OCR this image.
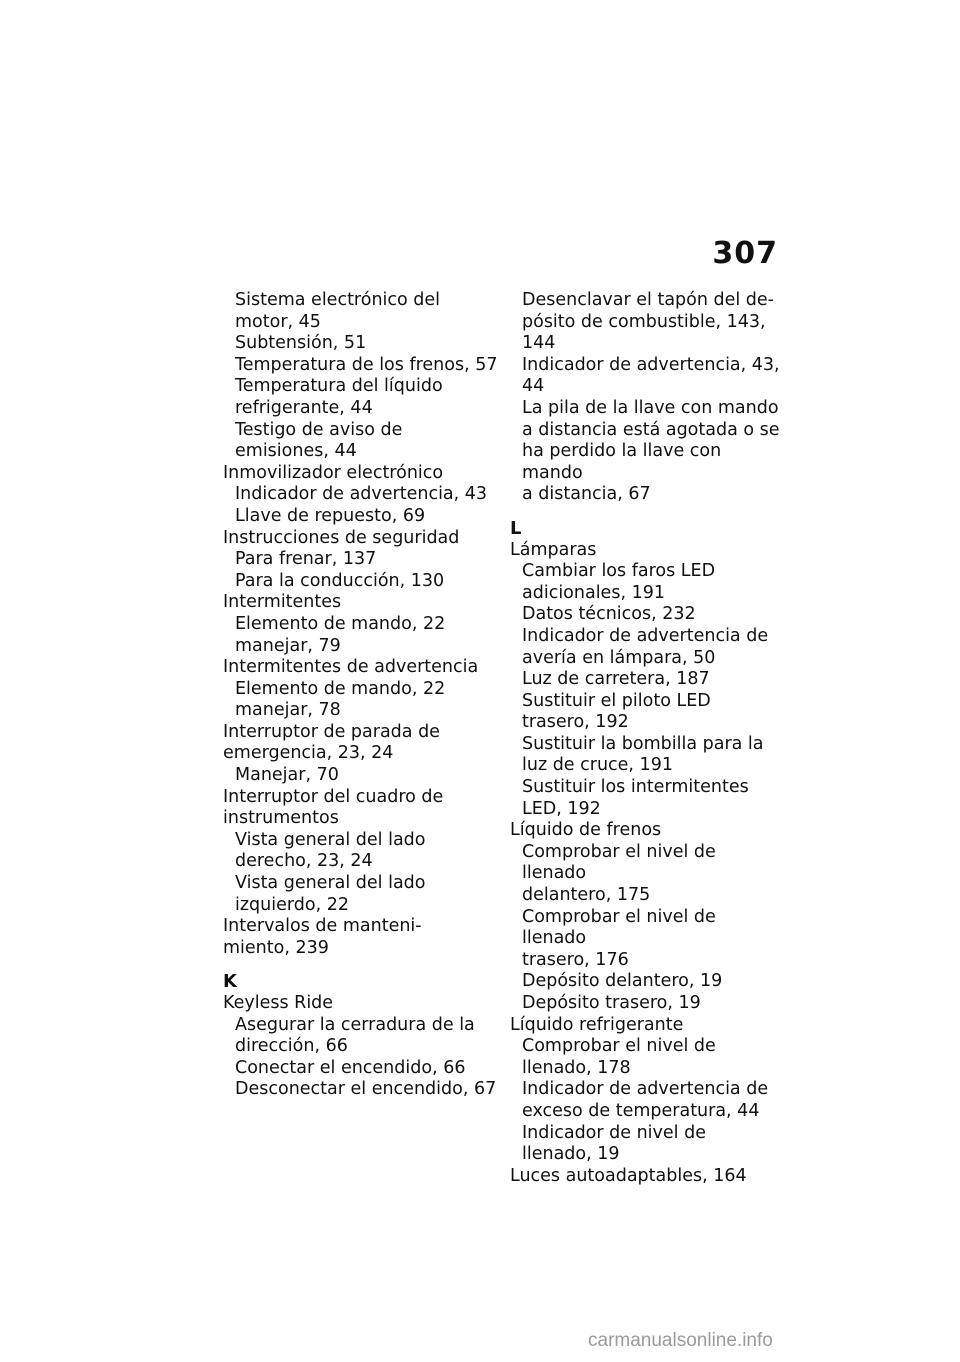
307
Sistema electrónico del
motor, 45
Subtensión, 51
Temperatura de los frenos, 57
Temperatura del líquido
refrigerante, 44
Testigo de aviso de
emisiones, 44
Inmovilizador electrónico
Indicador de advertencia, 43
Llave de repuesto, 69
Instrucciones de seguridad
Para frenar, 137
Para la conducción, 130
Intermitentes
Elemento de mando, 22
manejar, 79
Intermitentes de advertencia
Elemento de mando, 22
manejar, 78
Interruptor de parada de
emergencia, 23, 24
Manejar, 70
Interruptor del cuadro de
instrumentos
Vista general del lado
derecho, 23, 24
Vista general del lado
izquierdo, 22
Intervalos de manteni-
miento, 239
K
Keyless Ride
Asegurar la cerradura de la
dirección, 66
Conectar el encendido, 66
Desconectar el encendido, 67
Desenclavar el tapón del de-
pósito de combustible, 143,
144
Indicador de advertencia, 43,
44
La pila de la llave con mando
a distancia está agotada o se
ha perdido la llave con mando
a distancia, 67
L
Lámparas
Cambiar los faros LED
adicionales, 191
Datos técnicos, 232
Indicador de advertencia de
avería en lámpara, 50
Luz de carretera, 187
Sustituir el piloto LED
trasero, 192
Sustituir la bombilla para la
luz de cruce, 191
Sustituir los intermitentes
LED, 192
Líquido de frenos
Comprobar el nivel de llenado
delantero, 175
Comprobar el nivel de llenado
trasero, 176
Depósito delantero, 19
Depósito trasero, 19
Líquido refrigerante
Comprobar el nivel de
llenado, 178
Indicador de advertencia de
exceso de temperatura, 44
Indicador de nivel de
llenado, 19
Luces autoadaptables, 164
carmanualsonline.info
